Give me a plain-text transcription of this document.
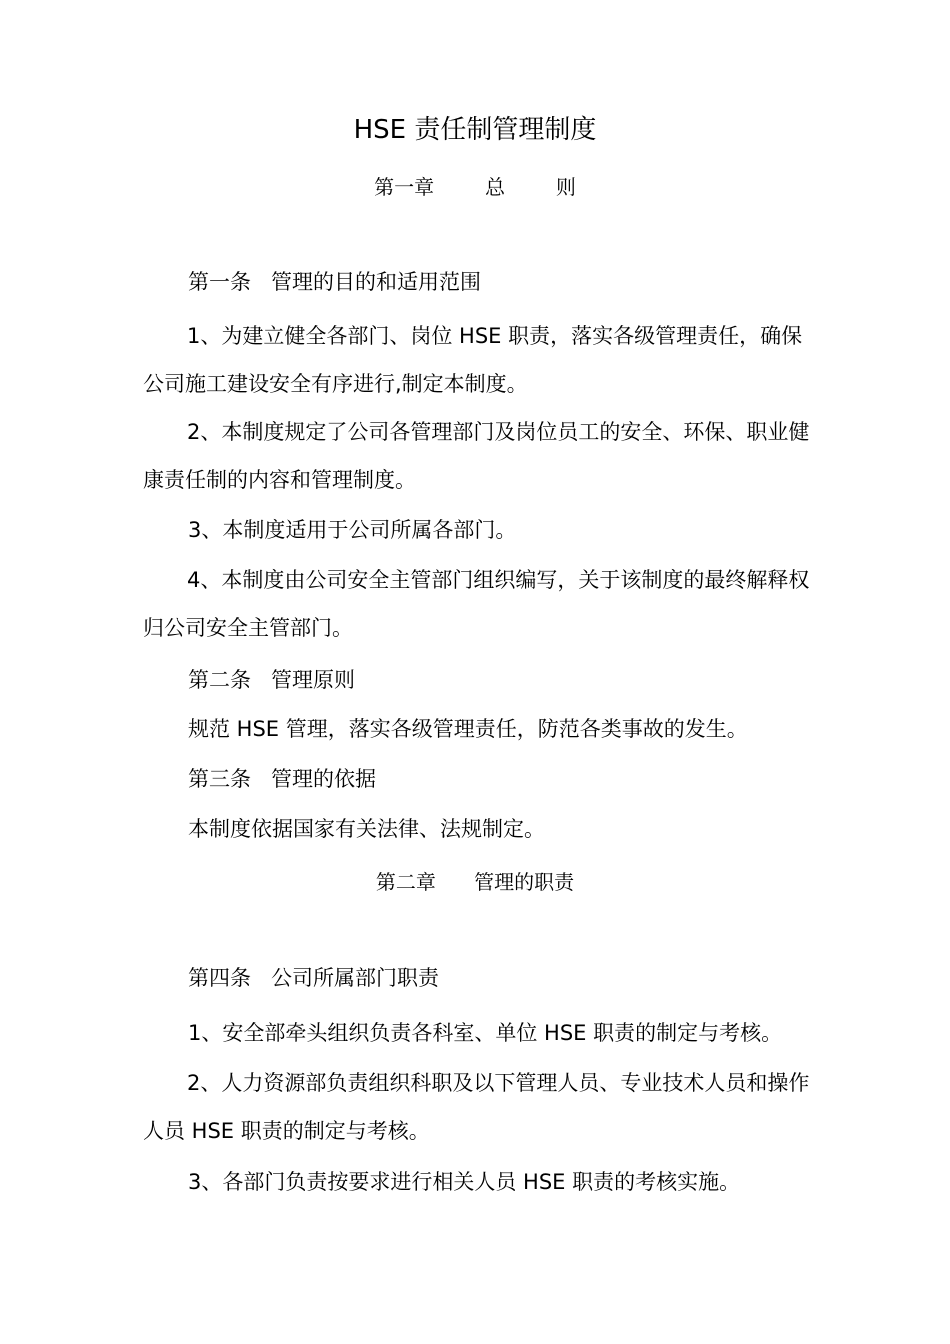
HSE 责任制管理制度
第一章	总	则
第一条 管理的目的和适用范围

1、为建立健全各部门、岗位 HSE 职责，落实各级管理责任，确保公司施工建设安全有序进行,制定本制度。

2、本制度规定了公司各管理部门及岗位员工的安全、环保、职业健康责任制的内容和管理制度。

3、本制度适用于公司所属各部门。

4、本制度由公司安全主管部门组织编写，关于该制度的最终解释权归公司安全主管部门。

第二条 管理原则

规范 HSE 管理，落实各级管理责任，防范各类事故的发生。

第三条 管理的依据

本制度依据国家有关法律、法规制定。

第二章 管理的职责
第四条 公司所属部门职责

1、安全部牵头组织负责各科室、单位 HSE 职责的制定与考核。

2、人力资源部负责组织科职及以下管理人员、专业技术人员和操作人员 HSE 职责的制定与考核。

3、各部门负责按要求进行相关人员 HSE 职责的考核实施。
